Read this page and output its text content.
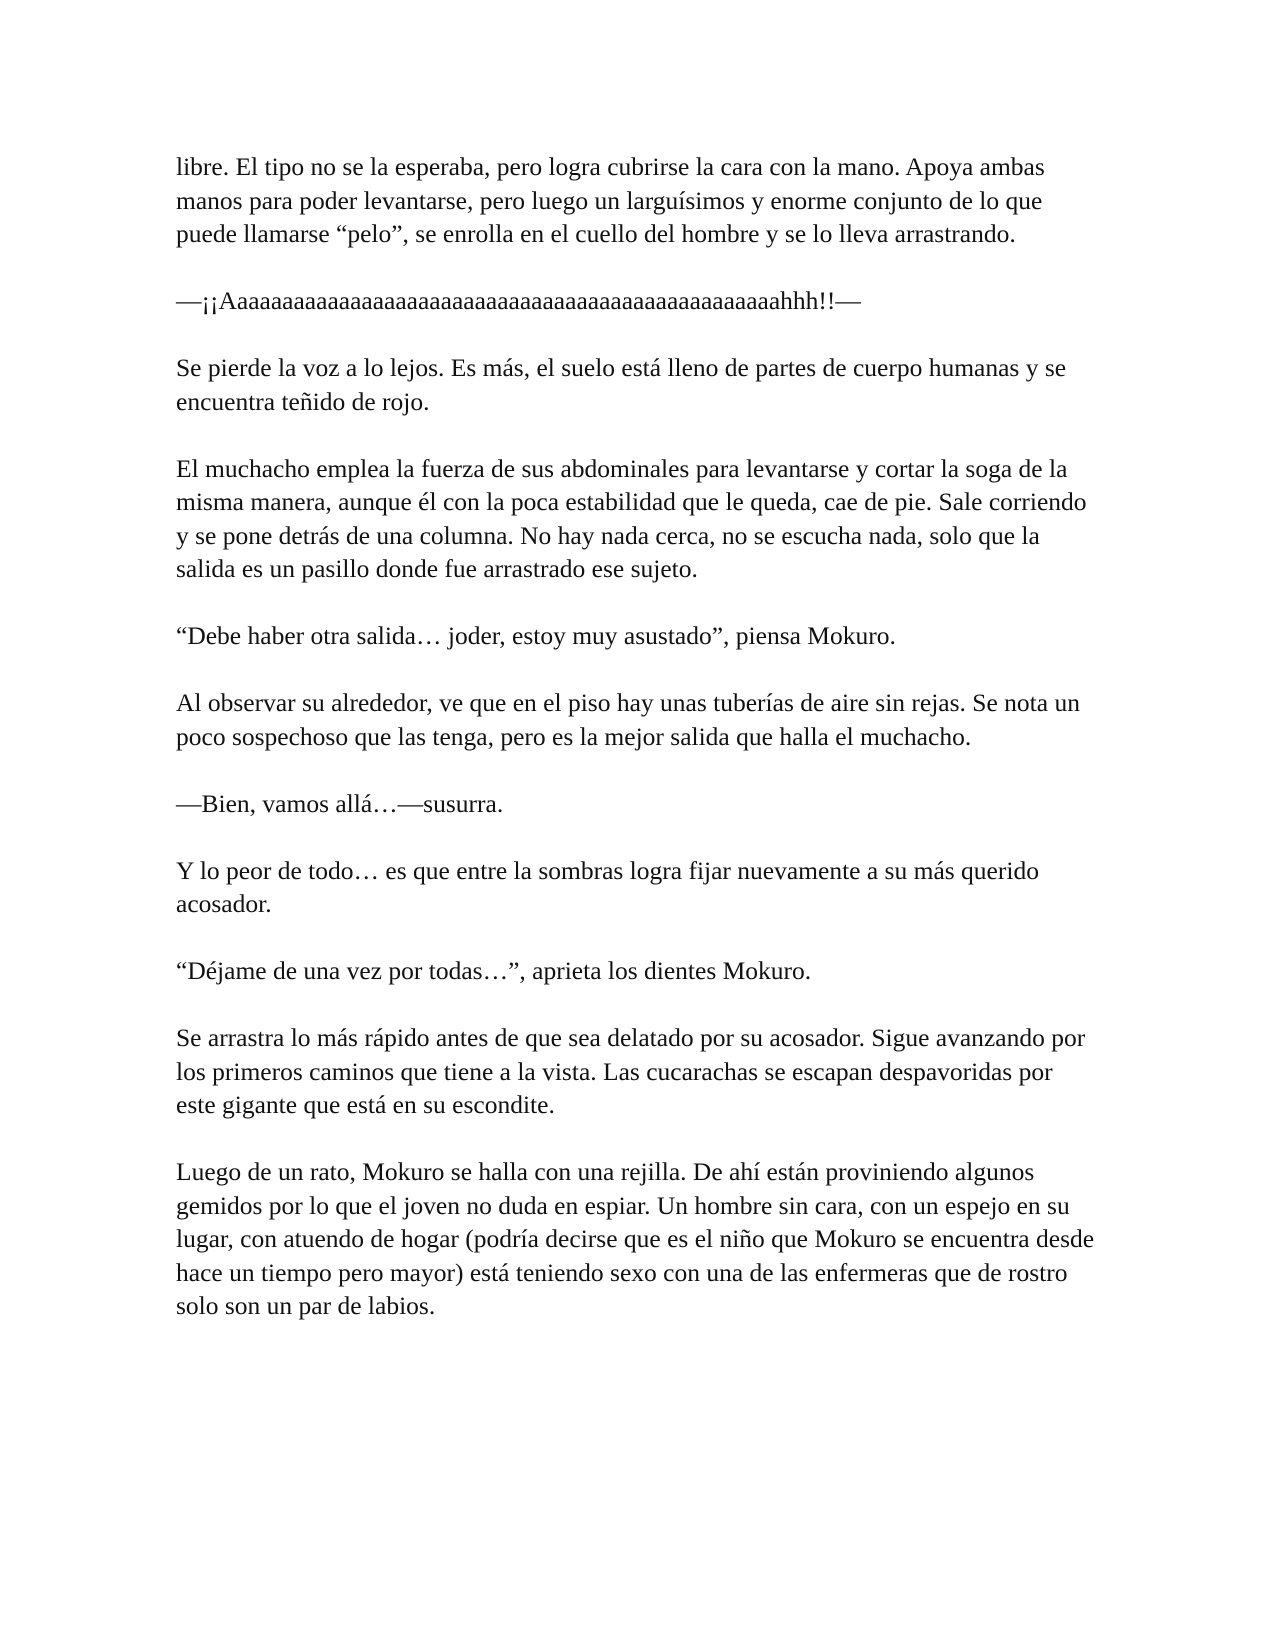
libre. El tipo no se la esperaba, pero logra cubrirse la cara con la mano. Apoya ambas manos para poder levantarse, pero luego un larguísimos y enorme conjunto de lo que puede llamarse “pelo”, se enrolla en el cuello del hombre y se lo lleva arrastrando.

—¡¡Aaaaaaaaaaaaaaaaaaaaaaaaaaaaaaaaaaaaaaaaaaaaaaaaahhh!!—

Se pierde la voz a lo lejos. Es más, el suelo está lleno de partes de cuerpo humanas y se encuentra teñido de rojo.

El muchacho emplea la fuerza de sus abdominales para levantarse y cortar la soga de la misma manera, aunque él con la poca estabilidad que le queda, cae de pie. Sale corriendo y se pone detrás de una columna. No hay nada cerca, no se escucha nada, solo que la salida es un pasillo donde fue arrastrado ese sujeto.

“Debe haber otra salida… joder, estoy muy asustado”, piensa Mokuro.

Al observar su alrededor, ve que en el piso hay unas tuberías de aire sin rejas. Se nota un poco sospechoso que las tenga, pero es la mejor salida que halla el muchacho.

—Bien, vamos allá…—susurra.

Y lo peor de todo… es que entre la sombras logra fijar nuevamente a su más querido acosador.

“Déjame de una vez por todas…”, aprieta los dientes Mokuro.

Se arrastra lo más rápido antes de que sea delatado por su acosador. Sigue avanzando por los primeros caminos que tiene a la vista. Las cucarachas se escapan despavoridas por este gigante que está en su escondite.

Luego de un rato, Mokuro se halla con una rejilla. De ahí están proviniendo algunos gemidos por lo que el joven no duda en espiar. Un hombre sin cara, con un espejo en su lugar, con atuendo de hogar (podría decirse que es el niño que Mokuro se encuentra desde hace un tiempo pero mayor) está teniendo sexo con una de las enfermeras que de rostro solo son un par de labios.
